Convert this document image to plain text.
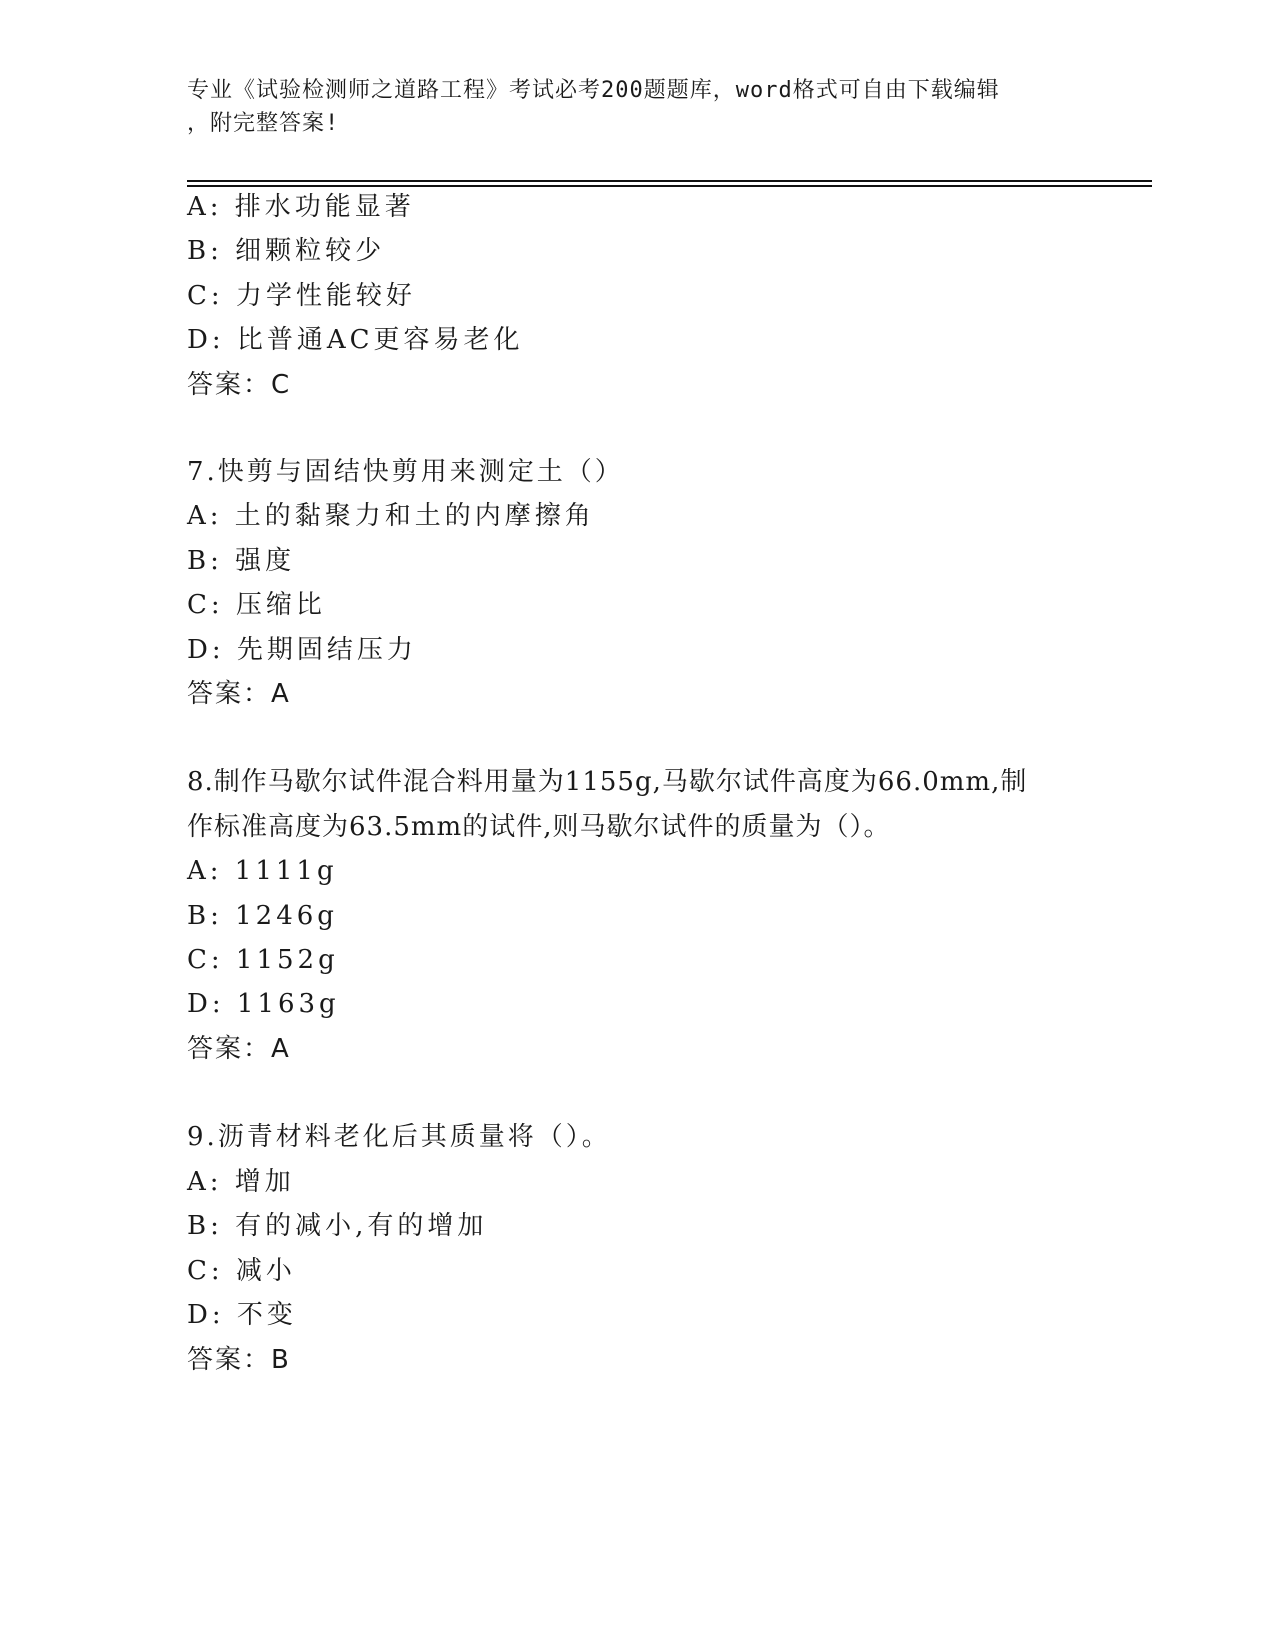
专业《试验检测师之道路工程》考试必考200题题库，word格式可自由下载编辑
，附完整答案!
A: 排水功能显著
B: 细颗粒较少
C: 力学性能较好
D: 比普通AC更容易老化
答案：C
7.快剪与固结快剪用来测定土（）
A: 土的黏聚力和土的内摩擦角
B: 强度
C: 压缩比
D: 先期固结压力
答案：A
8.制作马歇尔试件混合料用量为1155g,马歇尔试件高度为66.0mm,制
作标准高度为63.5mm的试件,则马歇尔试件的质量为（）。
A: 1111g
B: 1246g
C: 1152g
D: 1163g
答案：A
9.沥青材料老化后其质量将（）。
A: 增加
B: 有的减小,有的增加
C: 减小
D: 不变
答案：B
